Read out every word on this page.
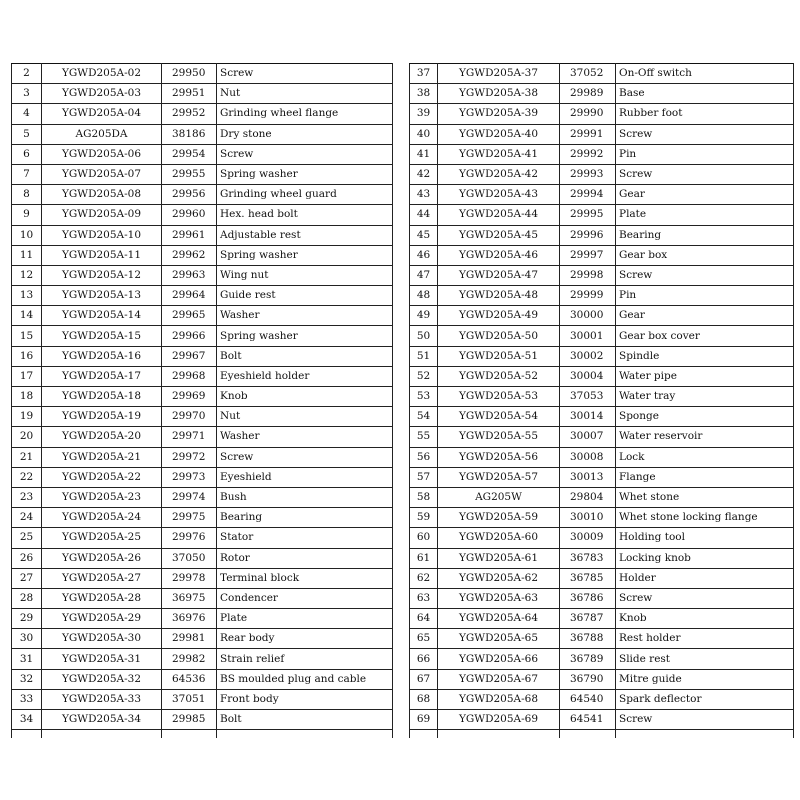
2	YGWD205A-02	29950	Screw
3	YGWD205A-03	29951	Nut
4	YGWD205A-04	29952	Grinding wheel flange
5	AG205DA	38186	Dry stone
6	YGWD205A-06	29954	Screw
7	YGWD205A-07	29955	Spring washer
8	YGWD205A-08	29956	Grinding wheel guard
9	YGWD205A-09	29960	Hex. head bolt
10	YGWD205A-10	29961	Adjustable rest
11	YGWD205A-11	29962	Spring washer
12	YGWD205A-12	29963	Wing nut
13	YGWD205A-13	29964	Guide rest
14	YGWD205A-14	29965	Washer
15	YGWD205A-15	29966	Spring washer
16	YGWD205A-16	29967	Bolt
17	YGWD205A-17	29968	Eyeshield holder
18	YGWD205A-18	29969	Knob
19	YGWD205A-19	29970	Nut
20	YGWD205A-20	29971	Washer
21	YGWD205A-21	29972	Screw
22	YGWD205A-22	29973	Eyeshield
23	YGWD205A-23	29974	Bush
24	YGWD205A-24	29975	Bearing
25	YGWD205A-25	29976	Stator
26	YGWD205A-26	37050	Rotor
27	YGWD205A-27	29978	Terminal block
28	YGWD205A-28	36975	Condencer
29	YGWD205A-29	36976	Plate
30	YGWD205A-30	29981	Rear body
31	YGWD205A-31	29982	Strain relief
32	YGWD205A-32	64536	BS moulded plug and cable
33	YGWD205A-33	37051	Front body
34	YGWD205A-34	29985	Bolt

37	YGWD205A-37	37052	On-Off switch
38	YGWD205A-38	29989	Base
39	YGWD205A-39	29990	Rubber foot
40	YGWD205A-40	29991	Screw
41	YGWD205A-41	29992	Pin
42	YGWD205A-42	29993	Screw
43	YGWD205A-43	29994	Gear
44	YGWD205A-44	29995	Plate
45	YGWD205A-45	29996	Bearing
46	YGWD205A-46	29997	Gear box
47	YGWD205A-47	29998	Screw
48	YGWD205A-48	29999	Pin
49	YGWD205A-49	30000	Gear
50	YGWD205A-50	30001	Gear box cover
51	YGWD205A-51	30002	Spindle
52	YGWD205A-52	30004	Water pipe
53	YGWD205A-53	37053	Water tray
54	YGWD205A-54	30014	Sponge
55	YGWD205A-55	30007	Water reservoir
56	YGWD205A-56	30008	Lock
57	YGWD205A-57	30013	Flange
58	AG205W	29804	Whet stone
59	YGWD205A-59	30010	Whet stone locking flange
60	YGWD205A-60	30009	Holding tool
61	YGWD205A-61	36783	Locking knob
62	YGWD205A-62	36785	Holder
63	YGWD205A-63	36786	Screw
64	YGWD205A-64	36787	Knob
65	YGWD205A-65	36788	Rest holder
66	YGWD205A-66	36789	Slide rest
67	YGWD205A-67	36790	Mitre guide
68	YGWD205A-68	64540	Spark deflector
69	YGWD205A-69	64541	Screw
